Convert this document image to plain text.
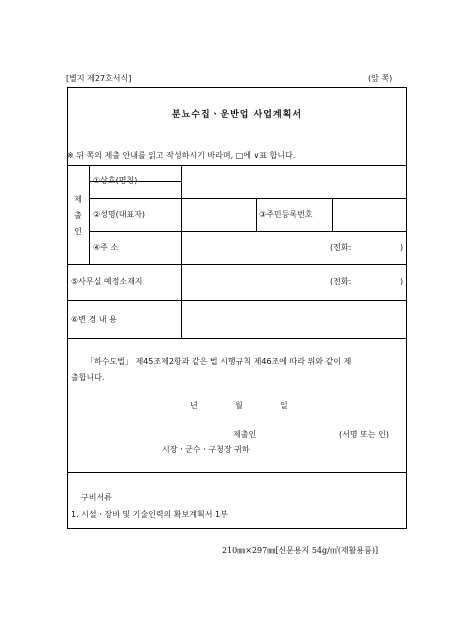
[별지 제27호서식]	(앞 쪽)
분뇨수집ㆍ운반업 사업계획서
※ 뒤 쪽의 제출 안내를 읽고 작성하시기 바라며, □에 ∨표 합니다.
제
출
인
①상호(명칭)
②성명(대표자)	③주민등록번호
④주 소	(전화:	)
⑤사무실 예정소재지	(전화:	)
⑥변 경 내 용
「하수도법」 제45조제2항과 같은 법 시행규칙 제46조에 따라 위와 같이 제
출합니다.
년	월	일
제출인	(서명 또는 인)
시장ㆍ군수ㆍ구청장 귀하
구비서류
1. 시설ㆍ장비 및 기술인력의 확보계획서 1부
210㎜×297㎜[신문용지 54g/㎡(재활용품)]
